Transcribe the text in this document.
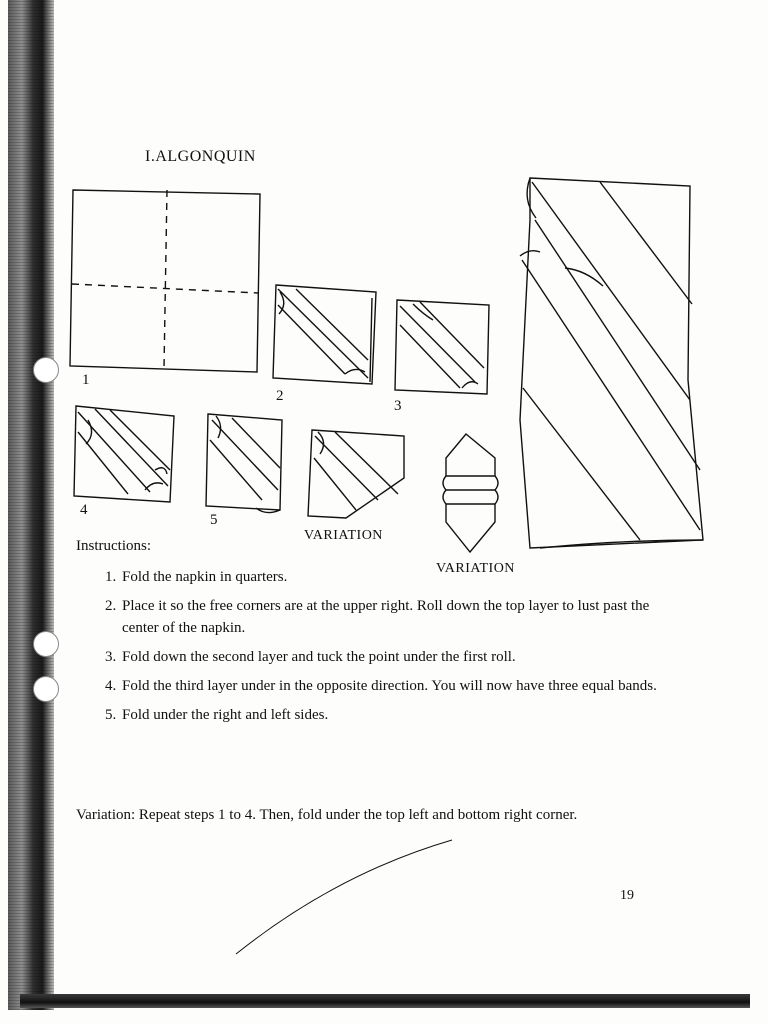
I.ALGONQUIN
1
2
3
4
5
VARIATION
VARIATION
Instructions:
1. Fold the napkin in quarters.
2. Place it so the free corners are at the upper right. Roll down the top layer to lust past the center of the napkin.
3. Fold down the second layer and tuck the point under the first roll.
4. Fold the third layer under in the opposite direction. You will now have three equal bands.
5. Fold under the right and left sides.
Variation: Repeat steps 1 to 4. Then, fold under the top left and bottom right corner.
19
